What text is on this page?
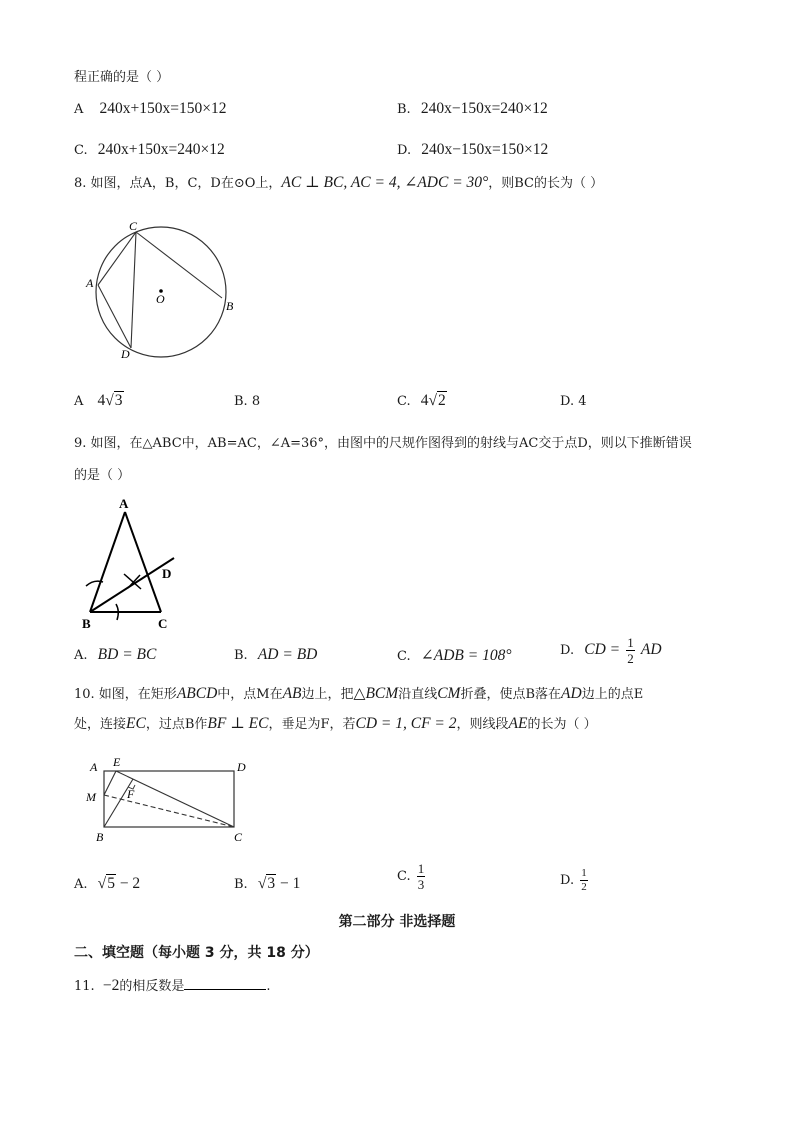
程正确的是（ ）
A 240x+150x=150×12	B. 240x−150x=240×12
C. 240x+150x=240×12	D. 240x−150x=150×12
8. 如图，点A，B，C，D在⊙O上，AC ⊥ BC, AC = 4, ∠ADC = 30°，则BC的长为（ ）
C
A
O	B
D
A 4√3	B. 8	C. 4√2	D. 4
9. 如图，在△ABC中，AB=AC，∠A=36°，由图中的尺规作图得到的射线与AC交于点D，则以下推断错误
的是（ ）
A
D
B	C
A. BD = BC	B. AD = BD	C. ∠ADB = 108°	D. CD = $\frac{1}{2}$ AD
10. 如图，在矩形ABCD中，点M在AB边上，把△BCM沿直线CM折叠，使点B落在AD边上的点E
处，连接EC，过点B作BF ⊥ EC，垂足为F，若CD = 1, CF = 2，则线段AE的长为（ ）
A E	D
M	F
B	C
A. √5 − 2	B. √3 − 1	C. $\frac{1}{3}$	D. $\frac{1}{2}$
第二部分 非选择题
二、填空题（每小题 3 分，共 18 分）
11. −2的相反数是	.
